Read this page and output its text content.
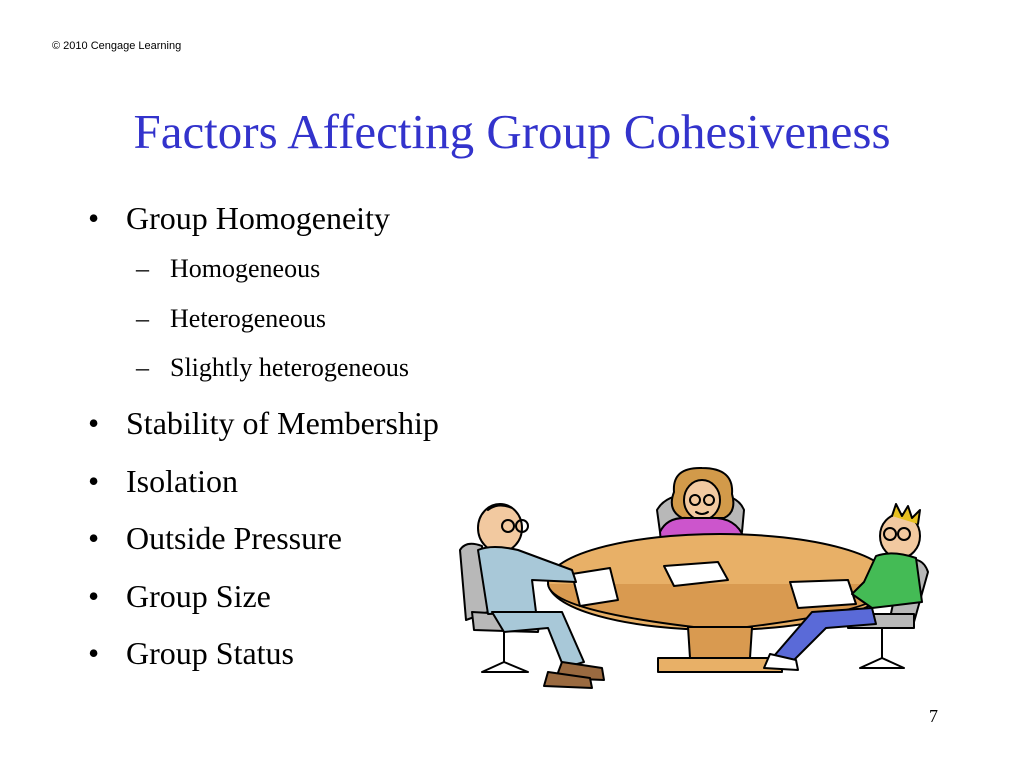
© 2010 Cengage Learning
Factors Affecting Group Cohesiveness
• Group Homogeneity
– Homogeneous
– Heterogeneous
– Slightly heterogeneous
• Stability of Membership
• Isolation
• Outside Pressure
• Group Size
• Group Status
7
